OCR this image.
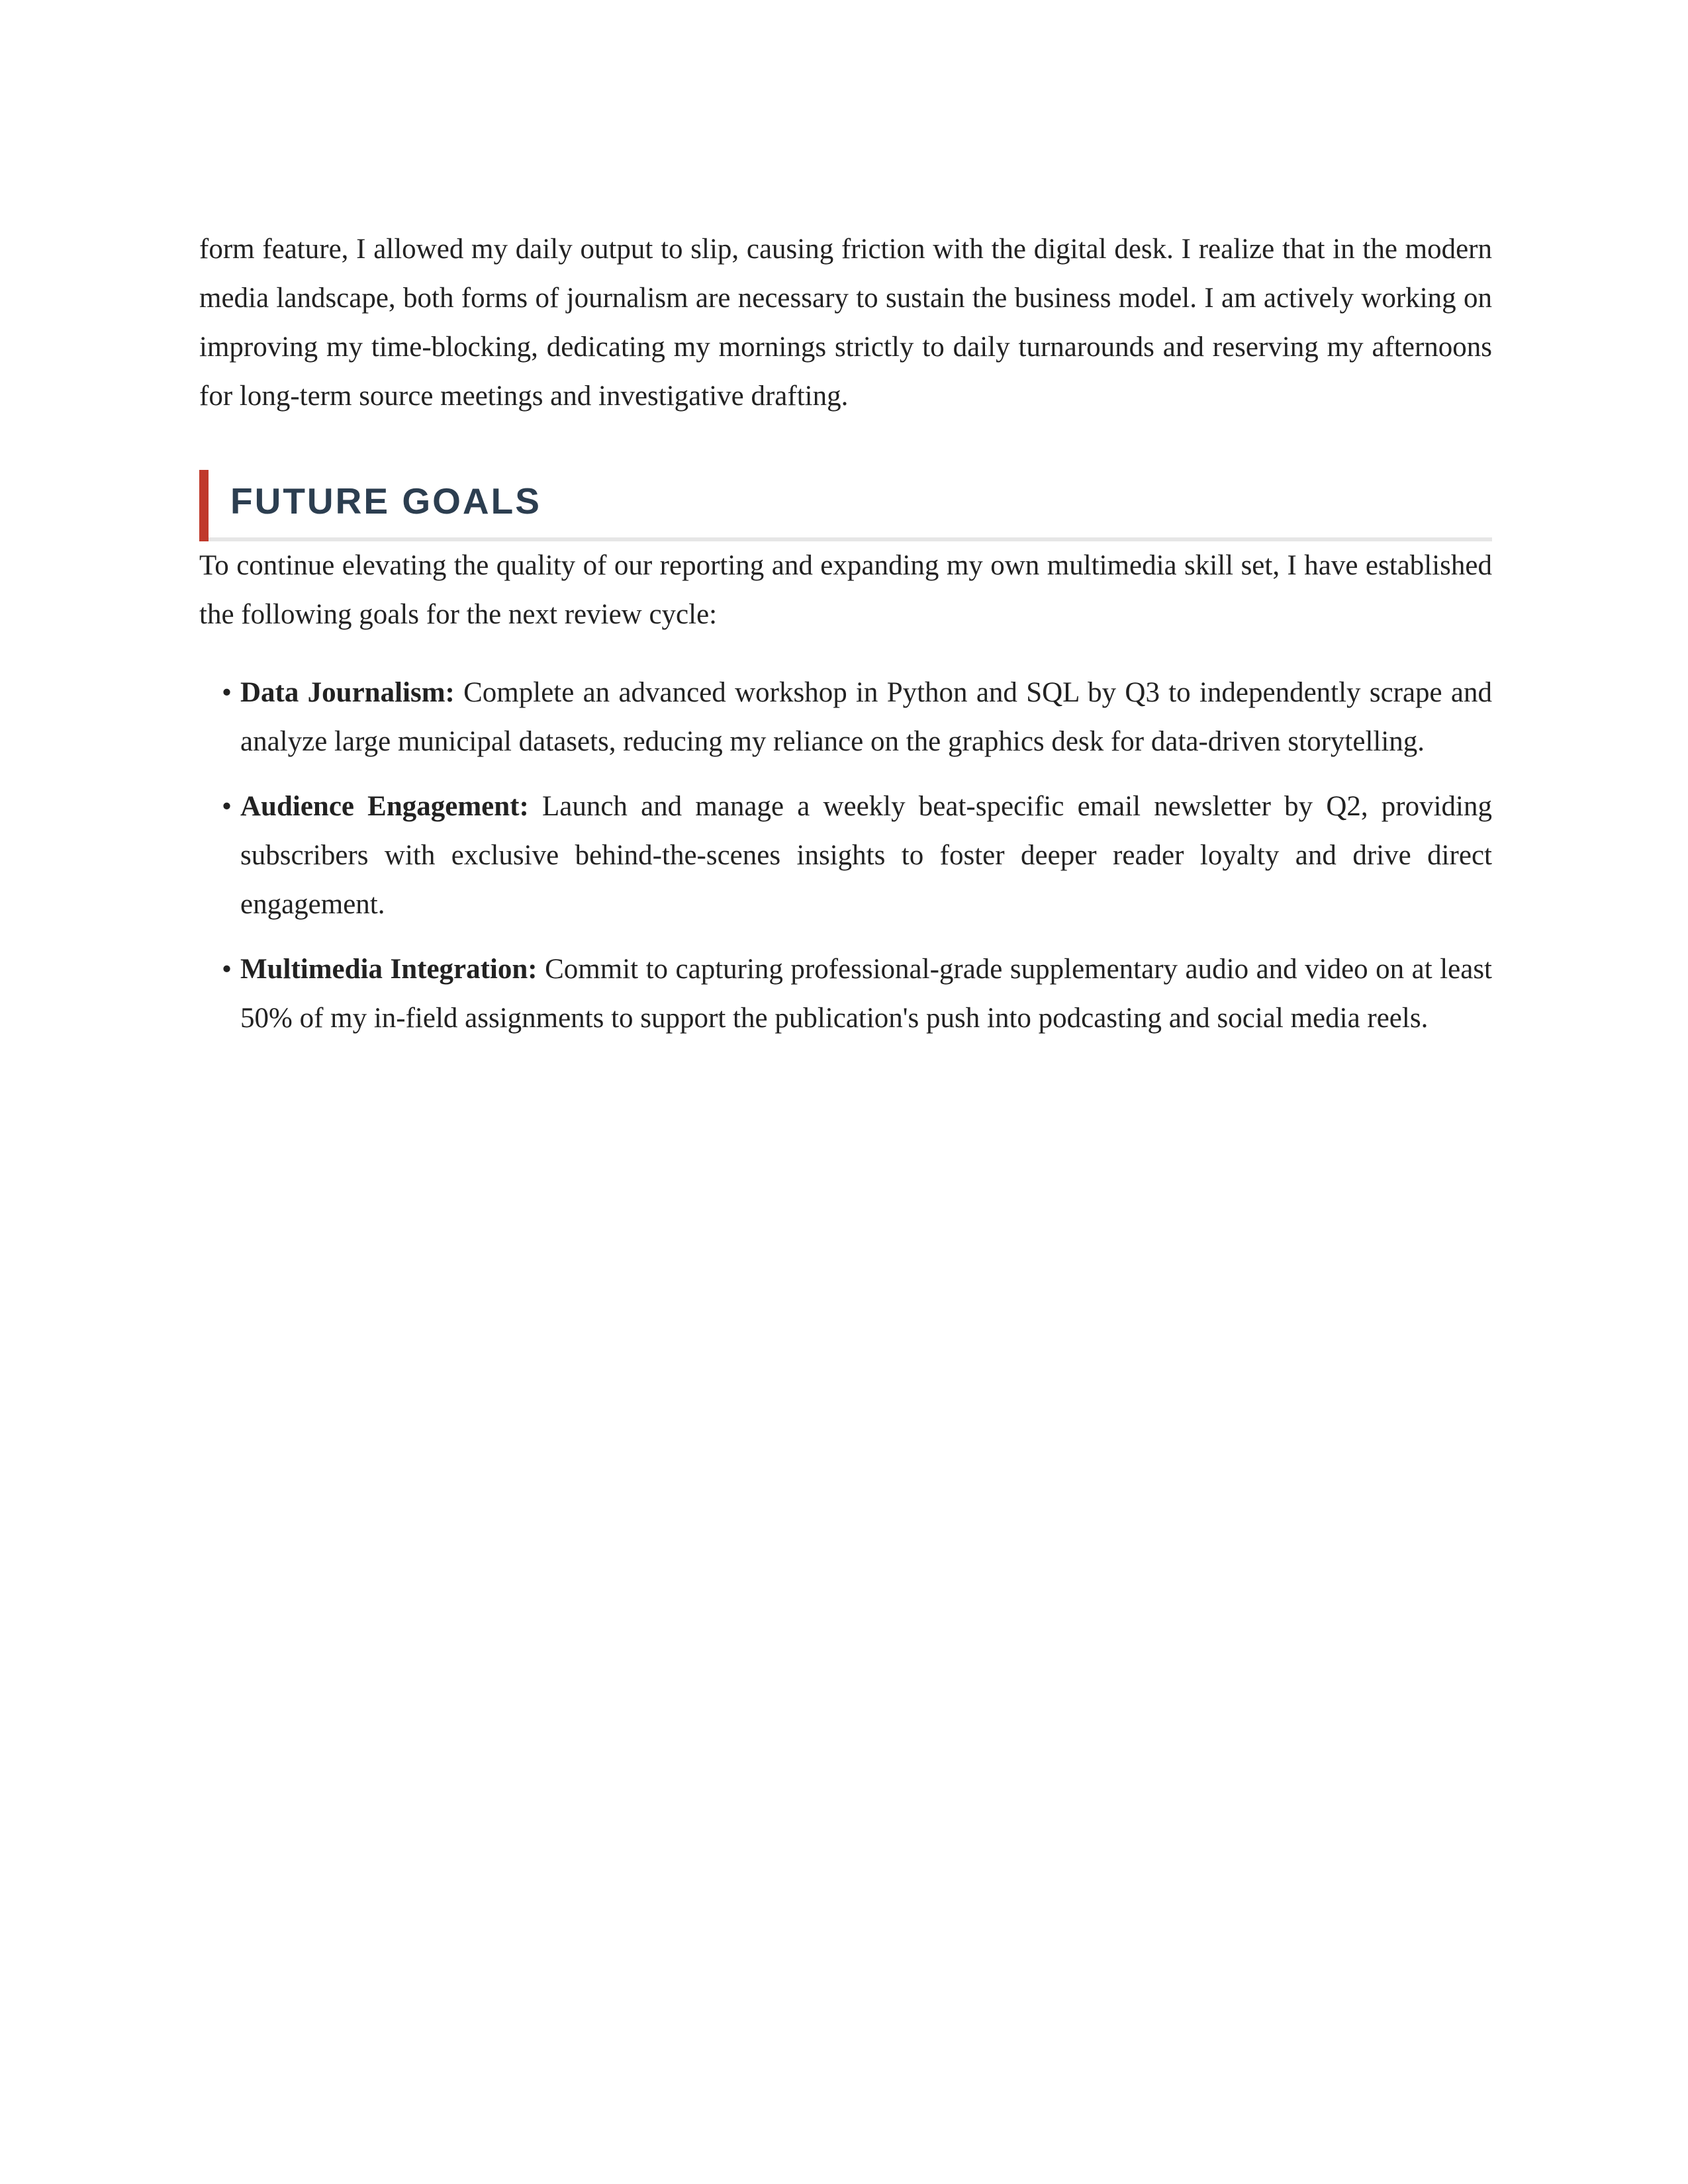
form feature, I allowed my daily output to slip, causing friction with the digital desk. I realize that in the modern media landscape, both forms of journalism are necessary to sustain the business model. I am actively working on improving my time-blocking, dedicating my mornings strictly to daily turnarounds and reserving my afternoons for long-term source meetings and investigative drafting.

FUTURE GOALS

To continue elevating the quality of our reporting and expanding my own multimedia skill set, I have established the following goals for the next review cycle:

• Data Journalism: Complete an advanced workshop in Python and SQL by Q3 to independently scrape and analyze large municipal datasets, reducing my reliance on the graphics desk for data-driven storytelling.
• Audience Engagement: Launch and manage a weekly beat-specific email newsletter by Q2, providing subscribers with exclusive behind-the-scenes insights to foster deeper reader loyalty and drive direct engagement.
• Multimedia Integration: Commit to capturing professional-grade supplementary audio and video on at least 50% of my in-field assignments to support the publication's push into podcasting and social media reels.
